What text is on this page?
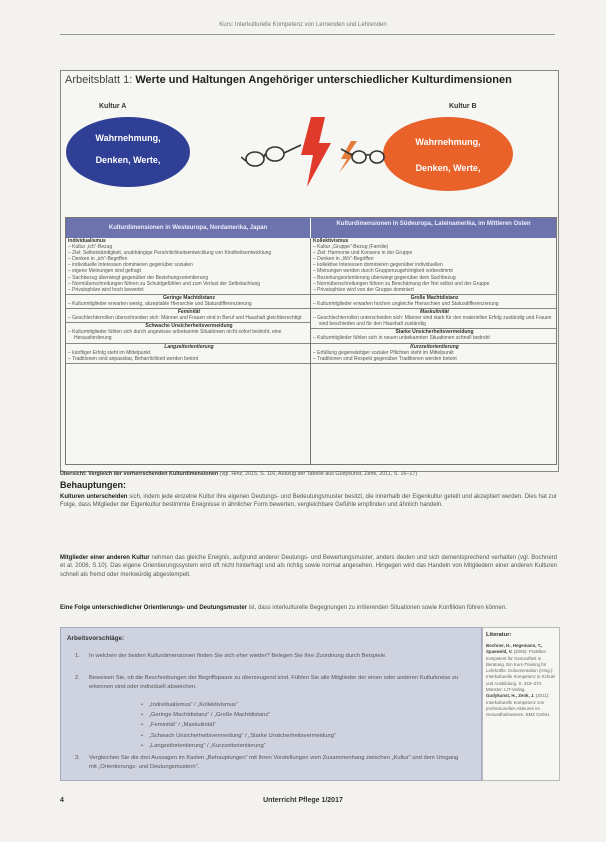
Kurs: Interkulturelle Kompetenz von Lernenden und Lehrenden
Arbeitsblatt 1: Werte und Haltungen Angehöriger unterschiedlicher Kulturdimensionen
Kultur A	Kultur B
Wahrnehmung,
Denken, Werte,
Wahrnehmung,
Denken, Werte,
Kulturdimensionen in Westeuropa, Nordamerika, Japan
Kulturdimensionen in Südeuropa, Lateinamerika, im Mittleren Osten
Individualismus
– Kultur „ich“-Bezug
– Ziel: Selbstständigkeit, unabhängige Persönlichkeitsentwicklung von Kindheitsentwicklung
– Denken in „ich“-Begriffen
– individuelle Interessen dominieren gegenüber sozialen
– eigene Meinungen sind gefragt
– Sachbezug überwiegt gegenüber der Beziehungsorientierung
– Normüberschreitungen führen zu Schuldgefühlen und zum Verlust der Selbstachtung
– Privatsphäre wird hoch bewertet
Geringe Machtdistanz
– Kulturmitglieder erwarten wenig, akzeptable Hierarchie und Statusdifferenzierung
Feminität
– Geschlechterrollen überschneiden sich: Männer und Frauen sind in Beruf und Haushalt gleichberechtigt
Schwache Unsicherheitsvermeidung
– Kulturmitglieder fühlen sich durch ungewisse unbekannte Situationen nicht sofort bedroht, eine Herausforderung
Langzeitorientierung
– künftiger Erfolg steht im Mittelpunkt
– Traditionen sind anpassbar, Beharrlichkeit werden betont
Kollektivismus
– Kultur „Gruppe“-Bezug (Familie)
– Ziel: Harmonie und Konsens in der Gruppe
– Denken in „Wir“-Begriffen
– kollektive Interessen dominieren gegenüber individuellen
– Meinungen werden durch Gruppenzugehörigkeit vorbestimmt
– Beziehungsorientierung überwiegt gegenüber dem Sachbezug
– Normüberschreitungen führen zu Beschämung der Not selbst und der Gruppe
– Privatsphäre wird von der Gruppe dominiert
Große Machtdistanz
– Kulturmitglieder erwarten hochen ungleiche Hierarchien und Statusdifferenzierung
Maskulinität
– Geschlechterrollen unterscheiden sich: Männer sind stark für den materiellen Erfolg zuständig und Frauen sind beschieden und für den Haushalt zuständig
Starke Unsicherheitsvermeidung
– Kulturmitglieder fühlen sich in neuen unbekannten Situationen schnell bedroht
Kurzzeitorientierung
– Erfüllung gegenwärtiger sozialer Pflichten steht im Mittelpunkt
– Traditionen sind Respekt gegenüber Traditionen werden betont
Übersicht: Vergleich der vorherrschenden Kulturdimensionen (vgl. Hinz, 2015, S. 116, Auszug der Tabelle aus Gudykunst, Zenk, 2011, S. 16–17)
Behauptungen:
Kulturen unterscheiden sich, indem jede einzelne Kultur ihre eigenen Deutungs- und Bedeutungsmuster besitzt, die innerhalb der Eigenkultur geteilt und akzeptiert werden. Dies hat zur Folge, dass Mitglieder der Eigenkultur bestimmte Ereignisse in ähnlicher Form bewerten, vergleichbare Gefühle empfinden und ähnlich handeln.
Mitglieder einer anderen Kultur nehmen das gleiche Ereignis, aufgrund anderer Deutungs- und Bewertungsmuster, anders deuten und sich dementsprechend verhalten (vgl. Bochnerd et al. 2006, S.10). Das eigene Orientierungssystem wird oft nicht hinterfragt und als richtig sowie normal angesehen. Hingegen wird das Handeln von Mitgliedern einer anderen Kulturen schnell als fremd oder merkwürdig abgestempelt.
Eine Folge unterschiedlicher Orientierungs- und Deutungsmuster ist, dass interkulturelle Begegnungen zu irritierenden Situationen sowie Konflikten führen können.
Arbeitsvorschläge:
1. In welchen der beiden Kulturdimensionen finden Sie sich eher wieder? Belegen Sie Ihre Zuordnung durch Beispiele.
2. Beweisen Sie, ob die Beschreibungen der Begriffspaare zu überzeugend sind. Fühlen Sie alle Mitglieder der einen oder anderen Kulturkreise zu erkennen sind oder individuell abweichen.
• „Individualismus“ / „Kollektivismus“
• „Geringe Machtdistanz“ / „Große Machtdistanz“
• „Feminität“ / „Maskulinität“
• „Schwach Unsicherheitsvermeidung“ / „Starke Unsicherheitsvermeidung“
• „Langzeitorientierung“ / „Kurzzeitorientierung“
3. Vergleichen Sie die drei Aussagen im Kasten „Behauptungen“ mit Ihren Vorstellungen vom Zusammenhang zwischen „Kultur“ und dem Umgang mit „Orientierungs- und Deutungsmustern“.
Literatur:
Bochner, H., Hegemann, T., Spaeweld, V. (2006): Praktiker kompetent für Gesundheit in Beratung. Ein Kurs-Training für Lehrkräfte. Dokumentation (Hrsg.): Interkulturelle Kompetenz in Schule und Ausbildung. S. 343–370. Münster: LIT-Verlag.
Gudykunst, H., Zenk, J. (2011): Interkulturelle Kompetenz von professionellen Akteuren im Gesundheitswesen. BMZ GmbH.
4	Unterricht Pflege 1/2017
